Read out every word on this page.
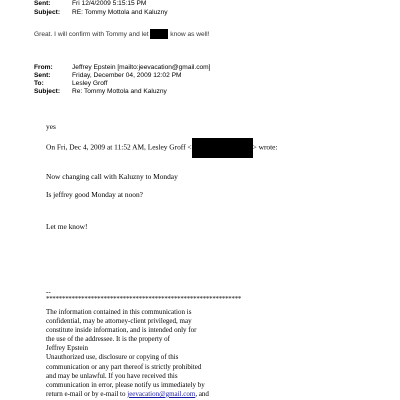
Sent:	Fri 12/4/2009 5:15:15 PM
Subject: RE: Tommy Mottola and Kaluzny
Great. I will confirm with Tommy and let	know as well!
From:	Jeffrey Epstein [mailto:jeevacation@gmail.com]
Sent:	Friday, December 04, 2009 12:02 PM
To:	Lesley Groff
Subject: Re: Tommy Mottola and Kaluzny
yes
On Fri, Dec 4, 2009 at 11:52 AM, Lesley Groff <	> wrote:
Now changing call with Kaluzny to Monday
Is jeffrey good Monday at noon?
Let me know!
--
*************************************************************
The information contained in this communication is
confidential, may be attorney-client privileged, may
constitute inside information, and is intended only for
the use of the addressee. It is the property of
Jeffrey Epstein
Unauthorized use, disclosure or copying of this
communication or any part thereof is strictly prohibited
and may be unlawful. If you have received this
communication in error, please notify us immediately by
return e-mail or by e-mail to jeevacation@gmail.com, and
